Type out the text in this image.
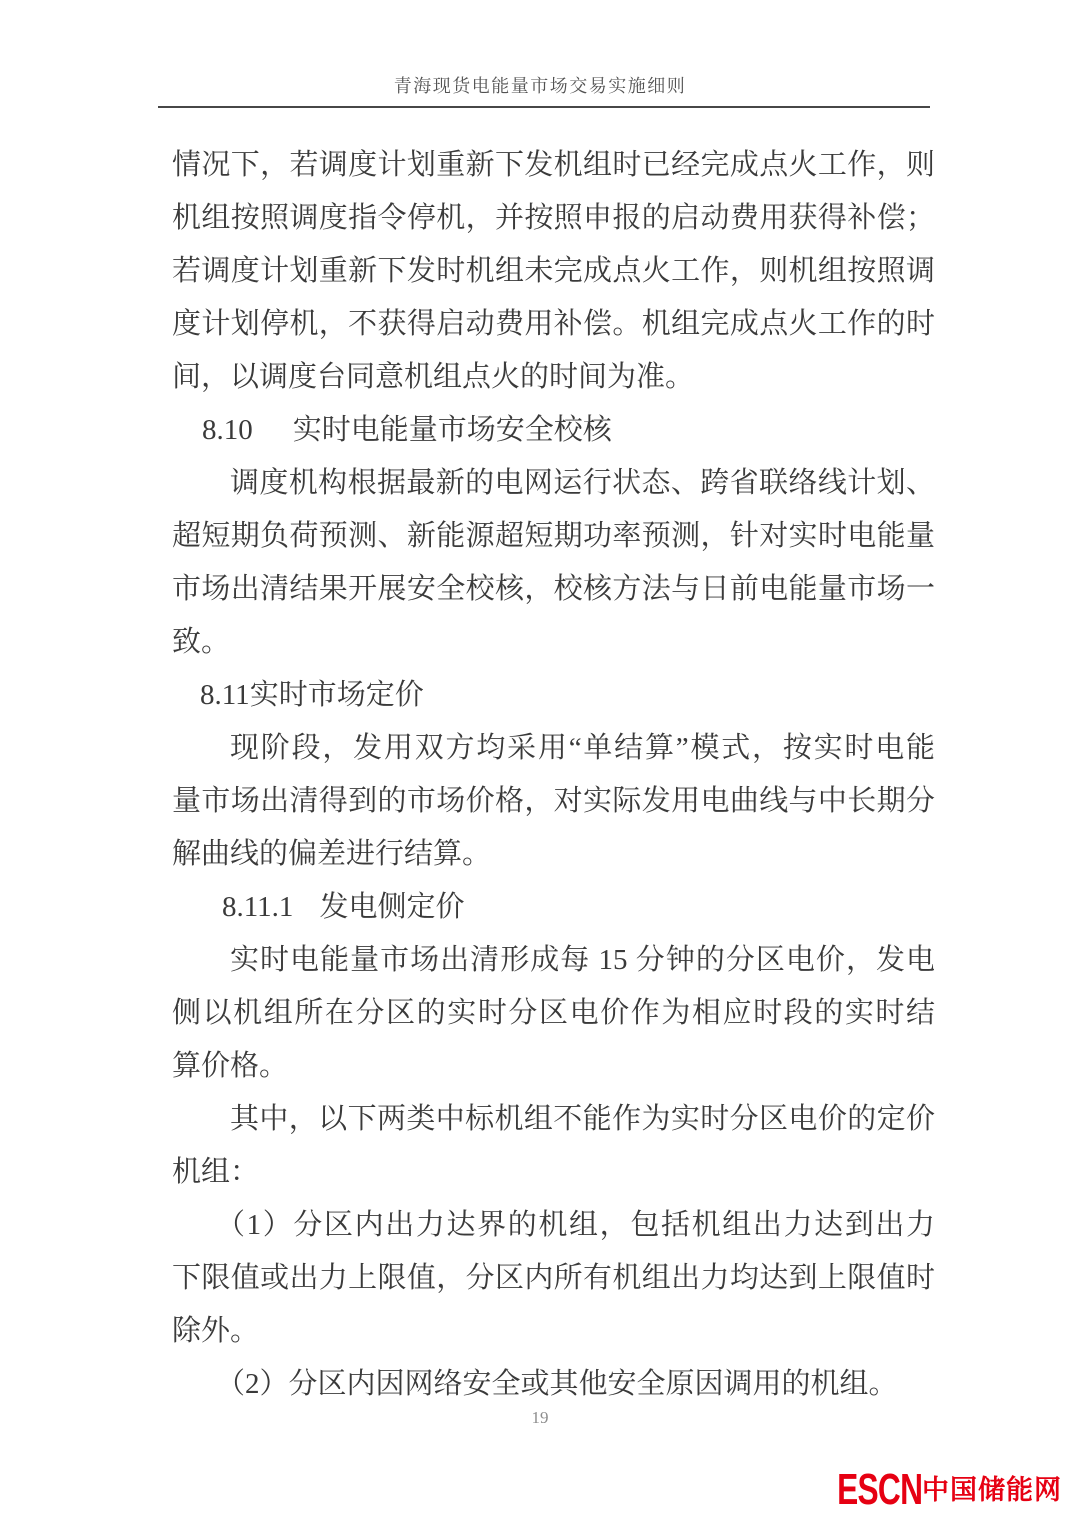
青海现货电能量市场交易实施细则
情况下，若调度计划重新下发机组时已经完成点火工作，则
机组按照调度指令停机，并按照申报的启动费用获得补偿；
若调度计划重新下发时机组未完成点火工作，则机组按照调
度计划停机，不获得启动费用补偿。机组完成点火工作的时
间，以调度台同意机组点火的时间为准。
8.10 实时电能量市场安全校核
调度机构根据最新的电网运行状态、跨省联络线计划、
超短期负荷预测、新能源超短期功率预测，针对实时电能量
市场出清结果开展安全校核，校核方法与日前电能量市场一
致。
8.11实时市场定价
现阶段，发用双方均采用“单结算”模式，按实时电能
量市场出清得到的市场价格，对实际发用电曲线与中长期分
解曲线的偏差进行结算。
8.11.1 发电侧定价
实时电能量市场出清形成每 15 分钟的分区电价，发电
侧以机组所在分区的实时分区电价作为相应时段的实时结
算价格。
其中，以下两类中标机组不能作为实时分区电价的定价
机组：
（1）分区内出力达界的机组，包括机组出力达到出力
下限值或出力上限值，分区内所有机组出力均达到上限值时
除外。
（2）分区内因网络安全或其他安全原因调用的机组。
19
ESCN 中国储能网
